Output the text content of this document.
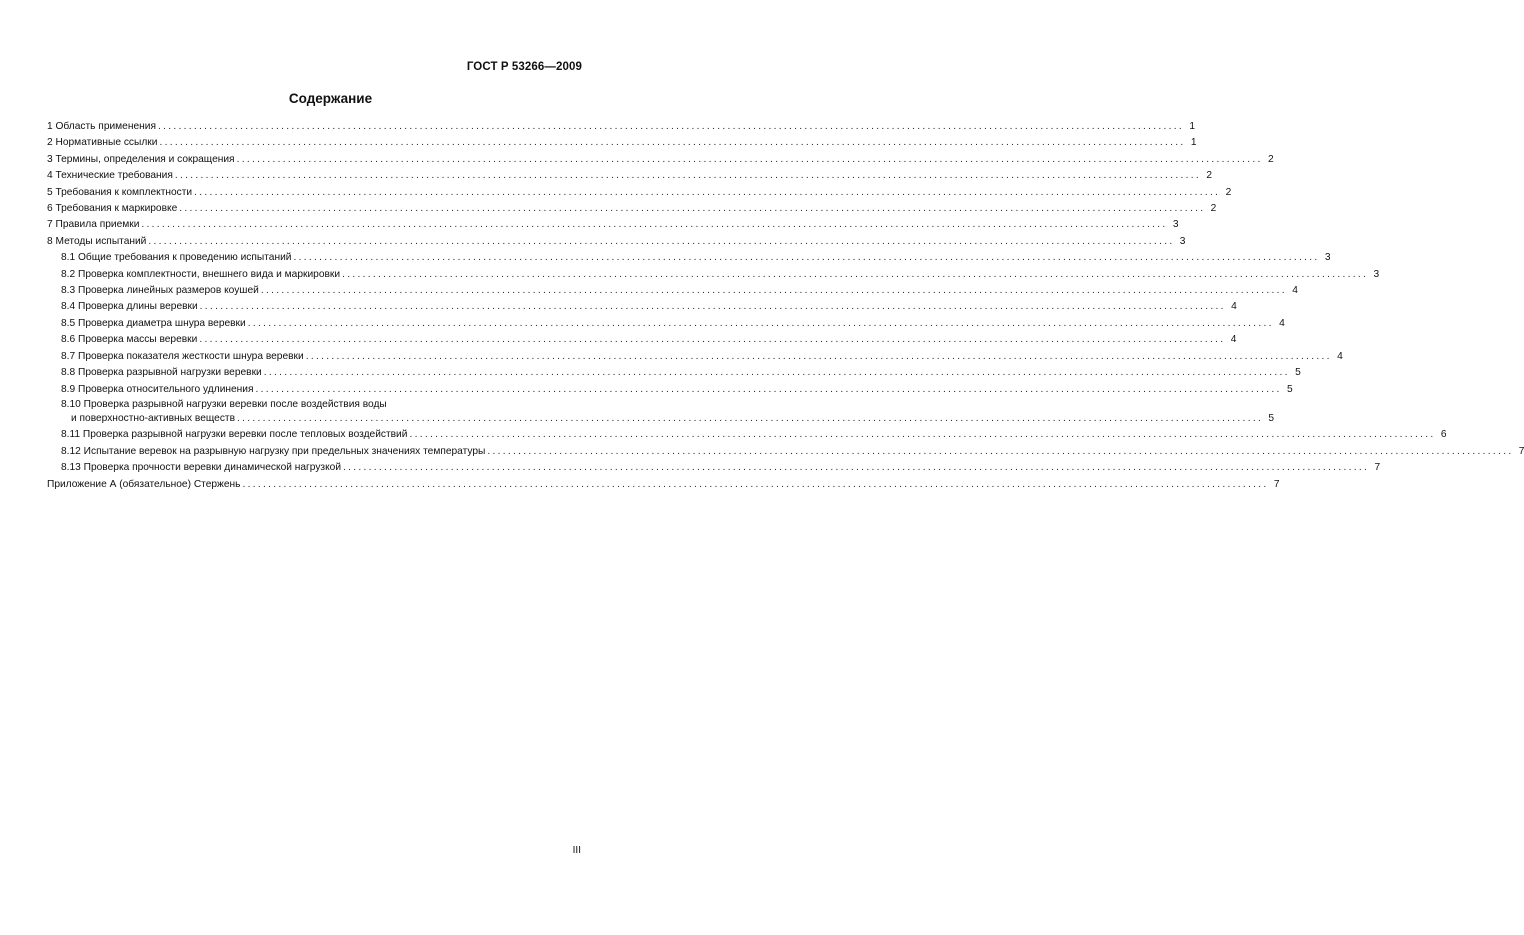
ГОСТ Р 53266—2009
Содержание
1 Область применения ........................................................................................................................................................................................................ 1
2 Нормативные ссылки ........................................................................................................................................................................................................ 1
3 Термины, определения и сокращения ........................................................................................................................................................................................................ 2
4 Технические требования ........................................................................................................................................................................................................ 2
5 Требования к комплектности ........................................................................................................................................................................................................ 2
6 Требования к маркировке ........................................................................................................................................................................................................ 2
7 Правила приемки ........................................................................................................................................................................................................ 3
8 Методы испытаний ........................................................................................................................................................................................................ 3
8.1 Общие требования к проведению испытаний ........................................................................................................................................................................................................ 3
8.2 Проверка комплектности, внешнего вида и маркировки ........................................................................................................................................................................................................ 3
8.3 Проверка линейных размеров коушей ........................................................................................................................................................................................................ 4
8.4 Проверка длины веревки ........................................................................................................................................................................................................ 4
8.5 Проверка диаметра шнура веревки ........................................................................................................................................................................................................ 4
8.6 Проверка массы веревки ........................................................................................................................................................................................................ 4
8.7 Проверка показателя жесткости шнура веревки ........................................................................................................................................................................................................ 4
8.8 Проверка разрывной нагрузки веревки ........................................................................................................................................................................................................ 5
8.9 Проверка относительного удлинения ........................................................................................................................................................................................................ 5
8.10 Проверка разрывной нагрузки веревки после воздействия воды
и поверхностно-активных веществ ........................................................................................................................................................................................................ 5
8.11 Проверка разрывной нагрузки веревки после тепловых воздействий ........................................................................................................................................................................................................ 6
8.12 Испытание веревок на разрывную нагрузку при предельных значениях температуры ........................................................................................................................................................................................................ 7
8.13 Проверка прочности веревки динамической нагрузкой ........................................................................................................................................................................................................ 7
Приложение А (обязательное) Стержень ........................................................................................................................................................................................................ 7
III
